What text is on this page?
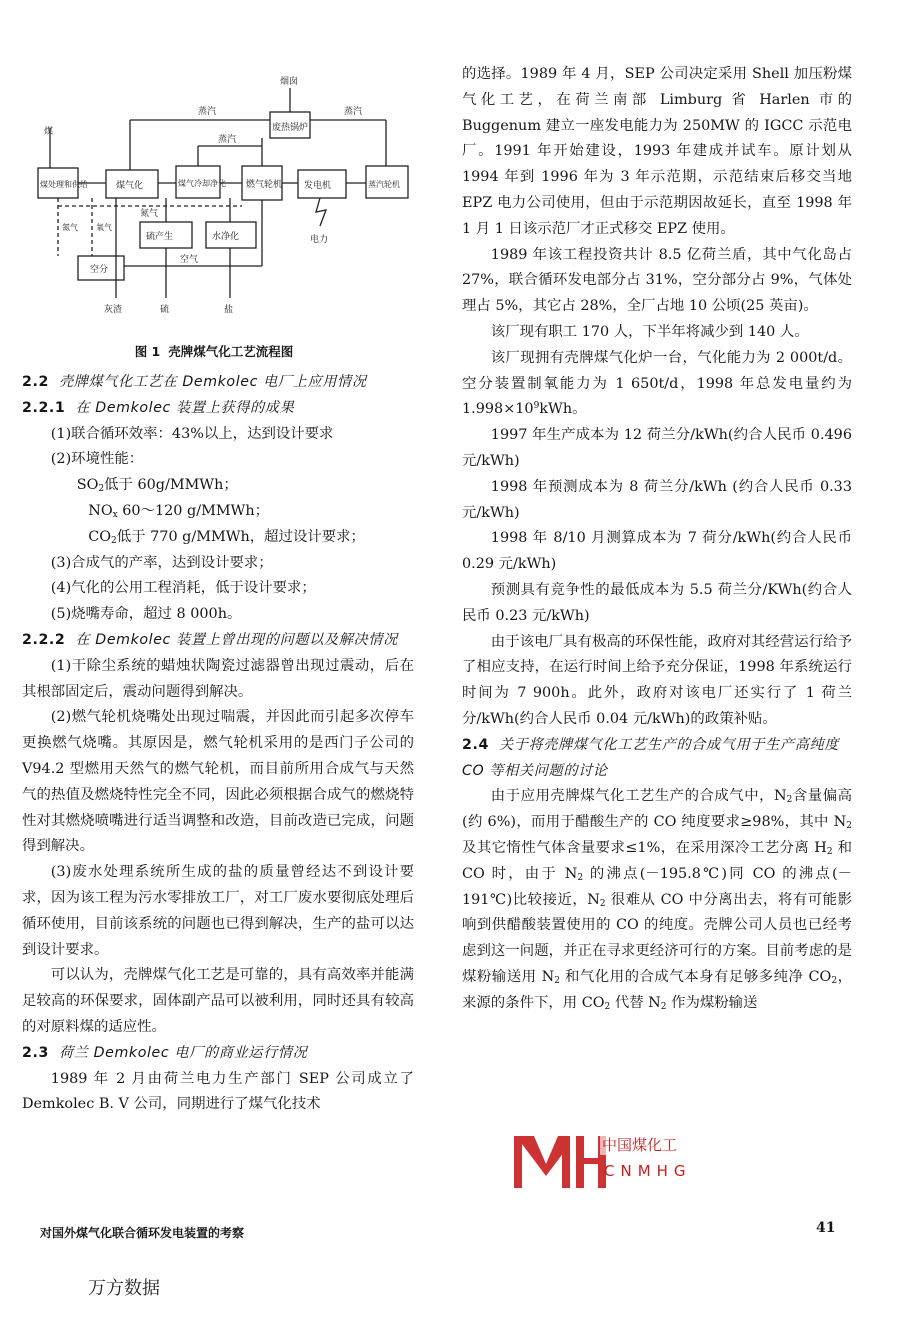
煤
烟囱
蒸汽	蒸汽
蒸汽
废热锅炉
煤处理和供给	煤气化	煤气冷却净化 燃气轮机 发电机	蒸汽轮机
氮气 氧气
氮气
硫产生	水净化
空分
空气
电力
灰渣	硫	盐
图 1 壳牌煤气化工艺流程图

2.2 壳牌煤气化工艺在 Demkolec 电厂上应用情况

2.2.1 在 Demkolec 装置上获得的成果

(1)联合循环效率：43%以上，达到设计要求

(2)环境性能：

$SO_2$低于 60g/MMWh；

$NO_x$ 60～120 g/MMWh；

$CO_2$低于 770 g/MMWh，超过设计要求；

(3)合成气的产率，达到设计要求；

(4)气化的公用工程消耗，低于设计要求；

(5)烧嘴寿命，超过 8 000h。

2.2.2 在 Demkolec 装置上曾出现的问题以及解决情况

(1)干除尘系统的蜡烛状陶瓷过滤器曾出现过震动，后在其根部固定后，震动问题得到解决。

(2)燃气轮机烧嘴处出现过喘震，并因此而引起多次停车更换燃气烧嘴。其原因是，燃气轮机采用的是西门子公司的 V94.2 型燃用天然气的燃气轮机，而目前所用合成气与天然气的热值及燃烧特性完全不同，因此必须根据合成气的燃烧特性对其燃烧喷嘴进行适当调整和改造，目前改造已完成，问题得到解决。

(3)废水处理系统所生成的盐的质量曾经达不到设计要求，因为该工程为污水零排放工厂，对工厂废水要彻底处理后循环使用，目前该系统的问题也已得到解决，生产的盐可以达到设计要求。

可以认为，壳牌煤气化工艺是可靠的，具有高效率并能满足较高的环保要求，固体副产品可以被利用，同时还具有较高的对原料煤的适应性。

2.3 荷兰 Demkolec 电厂的商业运行情况

1989 年 2 月由荷兰电力生产部门 SEP 公司成立了 Demkolec B. V 公司，同期进行了煤气化技术

的选择。1989 年 4 月，SEP 公司决定采用 Shell 加压粉煤气化工艺，在荷兰南部 Limburg 省 Harlen 市的 Buggenum 建立一座发电能力为 250MW 的 IGCC 示范电厂。1991 年开始建设，1993 年建成并试车。原计划从 1994 年到 1996 年为 3 年示范期，示范结束后移交当地 EPZ 电力公司使用，但由于示范期因故延长，直至 1998 年 1 月 1 日该示范厂才正式移交 EPZ 使用。

1989 年该工程投资共计 8.5 亿荷兰盾，其中气化岛占 27%，联合循环发电部分占 31%，空分部分占 9%，气体处理占 5%，其它占 28%，全厂占地 10 公顷(25 英亩)。

该厂现有职工 170 人，下半年将减少到 140 人。

该厂现拥有壳牌煤气化炉一台，气化能力为 2 000t/d。空分装置制氧能力为 1 650t/d，1998 年总发电量约为 $1.998\times 10^9kWh$。

1997 年生产成本为 12 荷兰分/kWh(约合人民币 0.496 元/kWh)

1998 年预测成本为 8 荷兰分/kWh (约合人民币 0.33 元/kWh)

1998 年 8/10 月测算成本为 7 荷分/kWh(约合人民币 0.29 元/kWh)

预测具有竞争性的最低成本为 5.5 荷兰分/KWh(约合人民币 0.23 元/kWh)

由于该电厂具有极高的环保性能，政府对其经营运行给予了相应支持，在运行时间上给予充分保证，1998 年系统运行时间为 7 900h。此外，政府对该电厂还实行了 1 荷兰分/kWh(约合人民币 0.04 元/kWh)的政策补贴。

2.4 关于将壳牌煤气化工艺生产的合成气用于生产高纯度 CO 等相关问题的讨论

由于应用壳牌煤气化工艺生产的合成气中，$N_2$含量偏高(约 6%)，而用于醋酸生产的 CO 纯度要求≥98%，其中 $N_2$ 及其它惰性气体含量要求≤1%，在采用深冷工艺分离 $H_2$ 和 CO 时，由于 $N_2$ 的沸点(－195.8℃)同 CO 的沸点(－191℃)比较接近，$N_2$ 很难从 CO 中分离出去，将有可能影响到供醋酸装置使用的 CO 的纯度。壳牌公司人员也已经考虑到这一问题，并正在寻求更经济可行的方案。目前考虑的是煤粉输送用 $N_2$ 和气化用的合成气本身有足够多纯净 $CO_2$，来源的条件下，用 $CO_2$ 代替 $N_2$ 作为煤粉输送

中国煤化工
CNMHG
对国外煤气化联合循环发电装置的考察	41
万方数据
